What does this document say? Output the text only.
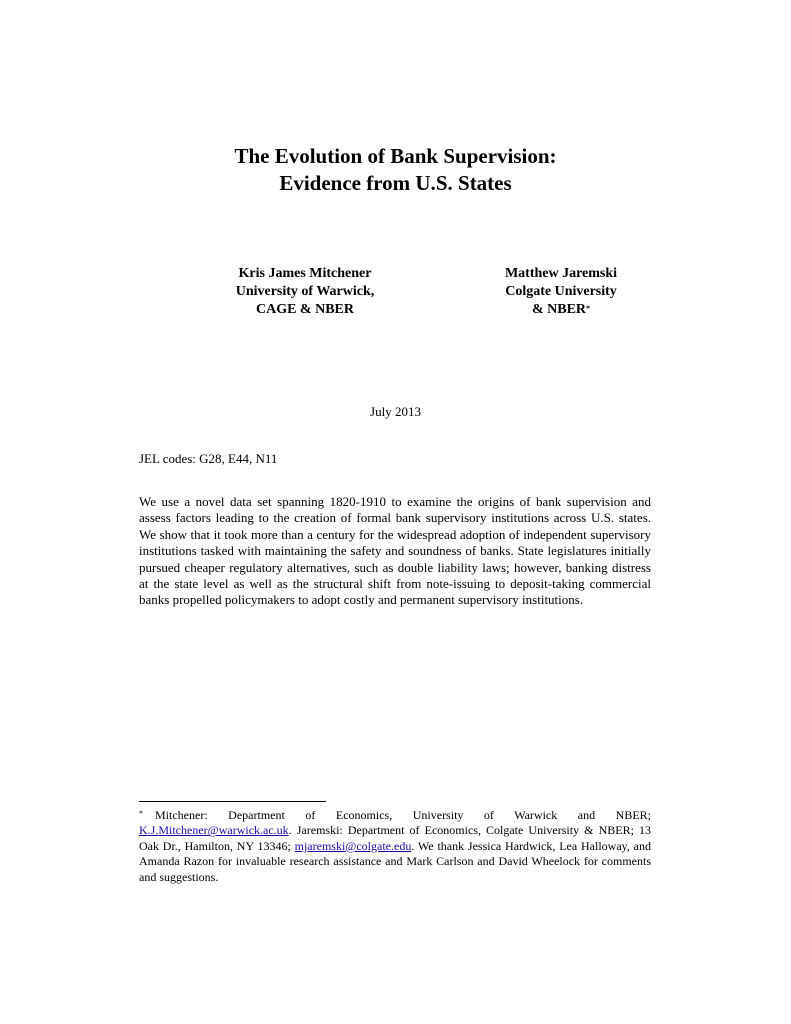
The Evolution of Bank Supervision:
Evidence from U.S. States
Kris James Mitchener
University of Warwick,
CAGE & NBER
Matthew Jaremski
Colgate University
& NBER*
July 2013
JEL codes: G28, E44, N11
We use a novel data set spanning 1820-1910 to examine the origins of bank supervision and assess factors leading to the creation of formal bank supervisory institutions across U.S. states. We show that it took more than a century for the widespread adoption of independent supervisory institutions tasked with maintaining the safety and soundness of banks. State legislatures initially pursued cheaper regulatory alternatives, such as double liability laws; however, banking distress at the state level as well as the structural shift from note-issuing to deposit-taking commercial banks propelled policymakers to adopt costly and permanent supervisory institutions.
* Mitchener: Department of Economics, University of Warwick and NBER; K.J.Mitchener@warwick.ac.uk. Jaremski: Department of Economics, Colgate University & NBER; 13 Oak Dr., Hamilton, NY 13346; mjaremski@colgate.edu. We thank Jessica Hardwick, Lea Halloway, and Amanda Razon for invaluable research assistance and Mark Carlson and David Wheelock for comments and suggestions.
